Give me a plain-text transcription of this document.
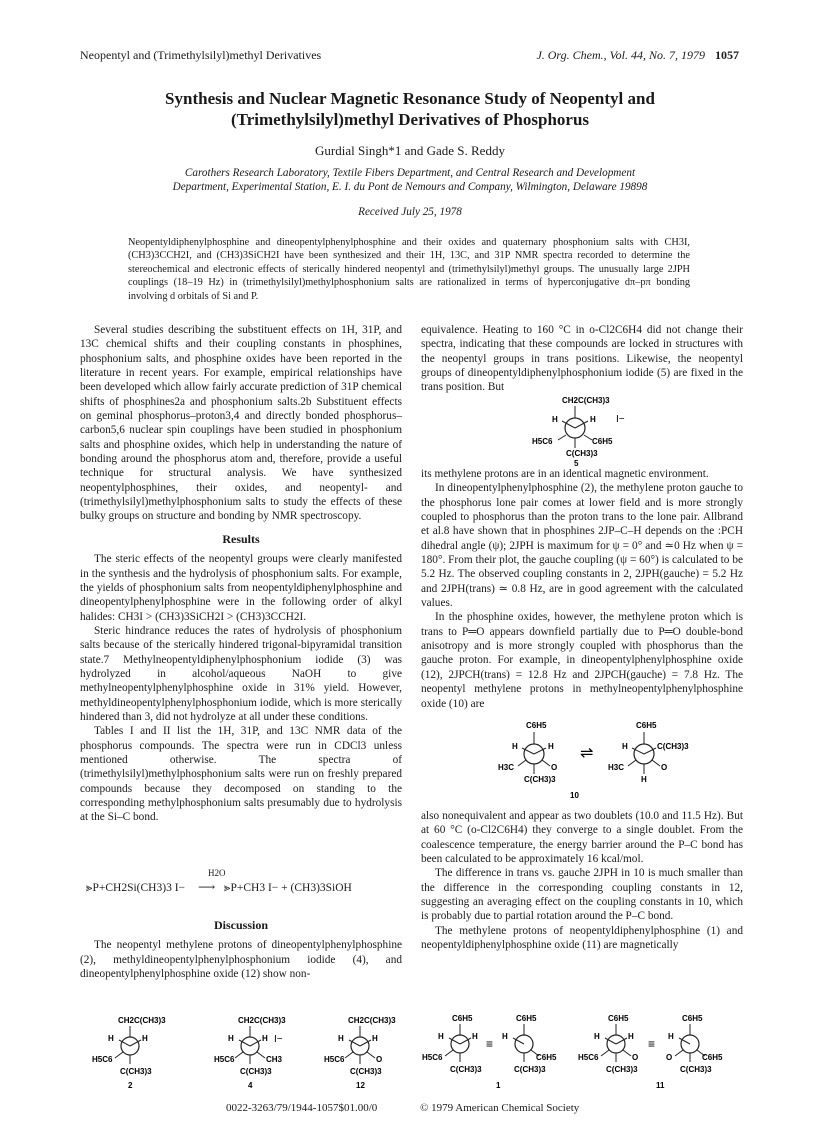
Neopentyl and (Trimethylsilyl)methyl Derivatives	J. Org. Chem., Vol. 44, No. 7, 1979 1057
Synthesis and Nuclear Magnetic Resonance Study of Neopentyl and
(Trimethylsilyl)methyl Derivatives of Phosphorus
Gurdial Singh*1 and Gade S. Reddy
Carothers Research Laboratory, Textile Fibers Department, and Central Research and Development
Department, Experimental Station, E. I. du Pont de Nemours and Company, Wilmington, Delaware 19898
Received July 25, 1978
Neopentyldiphenylphosphine and dineopentylphenylphosphine and their oxides and quaternary phosphonium salts with CH3I, (CH3)3CCH2I, and (CH3)3SiCH2I have been synthesized and their 1H, 13C, and 31P NMR spectra recorded to determine the stereochemical and electronic effects of sterically hindered neopentyl and (trimethylsilyl)methyl groups. The unusually large 2JPH couplings (18–19 Hz) in (trimethylsilyl)methylphosphonium salts are rationalized in terms of hyperconjugative dπ–pπ bonding involving d orbitals of Si and P.

Several studies describing the substituent effects on 1H, 31P, and 13C chemical shifts and their coupling constants in phosphines, phosphonium salts, and phosphine oxides have been reported in the literature in recent years. For example, empirical relationships have been developed which allow fairly accurate prediction of 31P chemical shifts of phosphines2a and phosphonium salts.2b Substituent effects on geminal phosphorus–proton3,4 and directly bonded phosphorus–carbon5,6 nuclear spin couplings have been studied in phosphonium salts and phosphine oxides, which help in understanding the nature of bonding around the phosphorus atom and, therefore, provide a useful technique for structural analysis. We have synthesized neopentylphosphines, their oxides, and neopentyl- and (trimethylsilyl)methylphosphonium salts to study the effects of these bulky groups on structure and bonding by NMR spectroscopy.

Results

The steric effects of the neopentyl groups were clearly manifested in the synthesis and the hydrolysis of phosphonium salts. For example, the yields of phosphonium salts from neopentyldiphenylphosphine and dineopentylphenylphosphine were in the following order of alkyl halides: CH3I > (CH3)3SiCH2I > (CH3)3CCH2I.

Steric hindrance reduces the rates of hydrolysis of phosphonium salts because of the sterically hindered trigonal-bipyramidal transition state.7 Methylneopentyldiphenylphosphonium iodide (3) was hydrolyzed in alcohol/aqueous NaOH to give methylneopentylphenylphosphine oxide in 31% yield. However, methyldineopentylphenylphosphonium iodide, which is more sterically hindered than 3, did not hydrolyze at all under these conditions.

Tables I and II list the 1H, 31P, and 13C NMR data of the phosphorus compounds. The spectra were run in CDCl3 unless mentioned otherwise. The spectra of (trimethylsilyl)methylphosphonium salts were run on freshly prepared compounds because they decomposed on standing to the corresponding methylphosphonium salts presumably due to hydrolysis at the Si–C bond.

⪢P+CH2Si(CH3)3 I−
H2O
⟶ ⪢P+CH3 I− + (CH3)3SiOH

Discussion

The neopentyl methylene protons of dineopentylphenylphosphine (2), methyldineopentylphenylphosphonium iodide (4), and dineopentylphenylphosphine oxide (12) show non-

equivalence. Heating to 160 °C in o-Cl2C6H4 did not change their spectra, indicating that these compounds are locked in structures with the neopentyl groups in trans positions. Likewise, the neopentyl groups of dineopentyldiphenylphosphonium iodide (5) are fixed in the trans position. But

its methylene protons are in an identical magnetic environment.

In dineopentylphenylphosphine (2), the methylene proton gauche to the phosphorus lone pair comes at lower field and is more strongly coupled to phosphorus than the proton trans to the lone pair. Allbrand et al.8 have shown that in phosphines 2JP–C–H depends on the :PCH dihedral angle (ψ); 2JPH is maximum for ψ = 0° and ≃0 Hz when ψ = 180°. From their plot, the gauche coupling (ψ = 60°) is calculated to be 5.2 Hz. The observed coupling constants in 2, 2JPH(gauche) = 5.2 Hz and 2JPH(trans) ≃ 0.8 Hz, are in good agreement with the calculated values.

In the phosphine oxides, however, the methylene proton which is trans to P═O appears downfield partially due to P═O double-bond anisotropy and is more strongly coupled with phosphorus than the gauche proton. For example, in dineopentylphenylphosphine oxide (12), 2JPCH(trans) = 12.8 Hz and 2JPCH(gauche) = 7.8 Hz. The neopentyl methylene protons in methylneopentylphenylphosphine oxide (10) are

also nonequivalent and appear as two doublets (10.0 and 11.5 Hz). But at 60 °C (o-Cl2C6H4) they converge to a single doublet. From the coalescence temperature, the energy barrier around the P–C bond has been calculated to be approximately 16 kcal/mol.

The difference in trans vs. gauche 2JPH in 10 is much smaller than the difference in the corresponding coupling constants in 12, suggesting an averaging effect on the coupling constants in 10, which is probably due to partial rotation around the P–C bond.

The methylene protons of neopentyldiphenylphosphine (1) and neopentyldiphenylphosphine oxide (11) are magnetically

CH2C(CH3)3
H	H
H5C6	C6H5
C(CH3)3
I−
5
C6H5
H	H
H3C	O
C(CH3)3
⇌
C6H5
H	C(CH3)3
H3C	O
H
10
CH2C(CH3)3
H	H
H5C6
C(CH3)3
2
CH2C(CH3)3
H	H
H5C6	CH3
C(CH3)3
I−
4
CH2C(CH3)3
H	H
H5C6	O
C(CH3)3
12
C6H5
H	H
H5C6
C(CH3)3
≡
C6H5
H
C6H5
C(CH3)3
1
C6H5
H	H
H5C6	O
C(CH3)3
≡
C6H5
H
O	C6H5
C(CH3)3
11
0022-3263/79/1944-1057$01.00/0	© 1979 American Chemical Society
